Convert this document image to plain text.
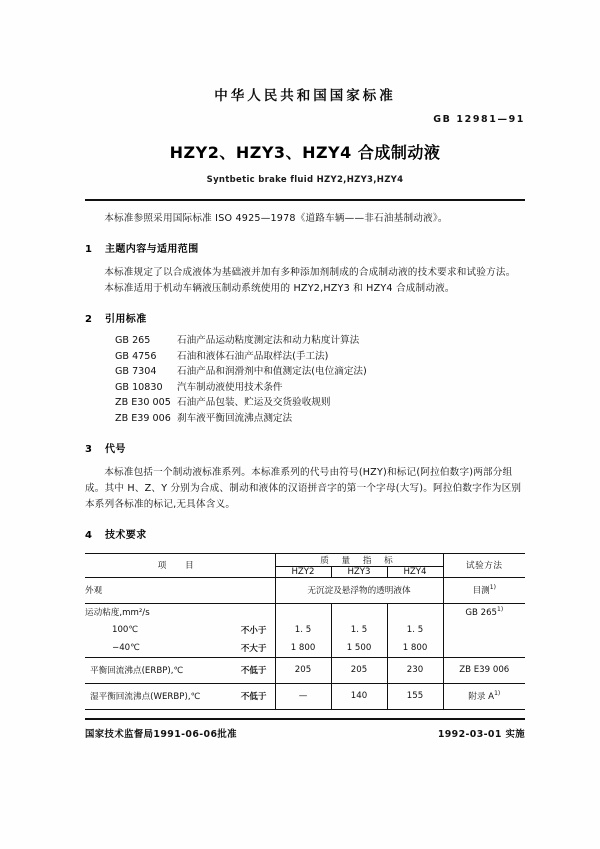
中华人民共和国国家标准
GB 12981—91
HZY2、HZY3、HZY4 合成制动液
Syntbetic brake fluid HZY2,HZY3,HZY4

本标准参照采用国际标准 ISO 4925—1978《道路车辆——非石油基制动液》。

1 主题内容与适用范围

本标准规定了以合成液体为基础液并加有多种添加剂制成的合成制动液的技术要求和试验方法。

本标准适用于机动车辆液压制动系统使用的 HZY2,HZY3 和 HZY4 合成制动液。

2 引用标准
GB 265	石油产品运动粘度测定法和动力粘度计算法
GB 4756 石油和液体石油产品取样法(手工法)
GB 7304 石油产品和润滑剂中和值测定法(电位滴定法)
GB 10830 汽车制动液使用技术条件
ZB E30 005 石油产品包装、贮运及交货验收规则
ZB E39 006 刹车液平衡回流沸点测定法
3 代号

本标准包括一个制动液标准系列。本标准系列的代号由符号(HZY)和标记(阿拉伯数字)两部分组成。其中 H、Z、Y 分别为合成、制动和液体的汉语拼音字的第一个字母(大写)。阿拉伯数字作为区别本系列各标准的标记,无具体含义。

4 技术要求
项 目	质 量 指 标			试验方法
	HZY2	HZY3	HZY4	
外观	无沉淀及悬浮物的透明液体			目测$^{1)}$
运动粘度,mm²/s				GB 265$^{1)}$

100℃ 不小于	1. 5	1. 5	1. 5	

−40℃ 不大于	1 800	1 500	1 800	

平衡回流沸点(ERBP),℃ 不低于	205	205	230	ZB E39 006

湿平衡回流沸点(WERBP),℃ 不低于	—	140	155	附录 $A^{1)}$
国家技术监督局1991-06-06批准	1992-03-01 实施
